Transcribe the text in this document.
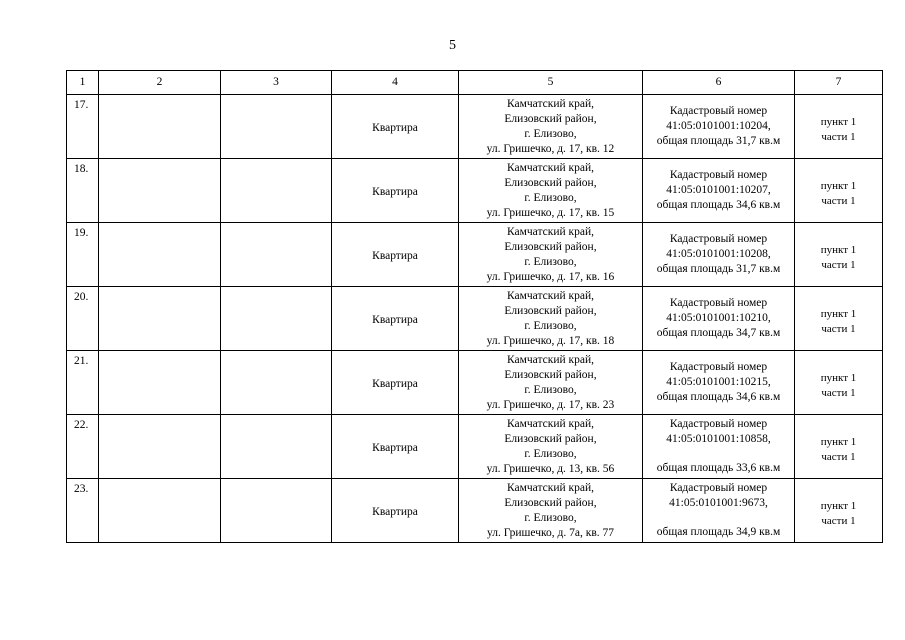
5
1	2	3	4	5	6	7
17.			Квартира	Камчатский край,
Елизовский район,
г. Елизово,
ул. Гришечко, д. 17, кв. 12	Кадастровый номер
41:05:0101001:10204,
общая площадь 31,7 кв.м	пункт 1
части 1

18.			Квартира	Камчатский край,
Елизовский район,
г. Елизово,
ул. Гришечко, д. 17, кв. 15	Кадастровый номер
41:05:0101001:10207,
общая площадь 34,6 кв.м	пункт 1
части 1

19.			Квартира	Камчатский край,
Елизовский район,
г. Елизово,
ул. Гришечко, д. 17, кв. 16	Кадастровый номер
41:05:0101001:10208,
общая площадь 31,7 кв.м	пункт 1
части 1

20.			Квартира	Камчатский край,
Елизовский район,
г. Елизово,
ул. Гришечко, д. 17, кв. 18	Кадастровый номер
41:05:0101001:10210,
общая площадь 34,7 кв.м	пункт 1
части 1

21.			Квартира	Камчатский край,
Елизовский район,
г. Елизово,
ул. Гришечко, д. 17, кв. 23	Кадастровый номер
41:05:0101001:10215,
общая площадь 34,6 кв.м	пункт 1
части 1

22.			Квартира	Камчатский край,
Елизовский район,
г. Елизово,
ул. Гришечко, д. 13, кв. 56	Кадастровый номер
41:05:0101001:10858,
общая площадь 33,6 кв.м	пункт 1
части 1

23.			Квартира	Камчатский край,
Елизовский район,
г. Елизово,
ул. Гришечко, д. 7а, кв. 77	Кадастровый номер
41:05:0101001:9673,
общая площадь 34,9 кв.м	пункт 1
части 1
